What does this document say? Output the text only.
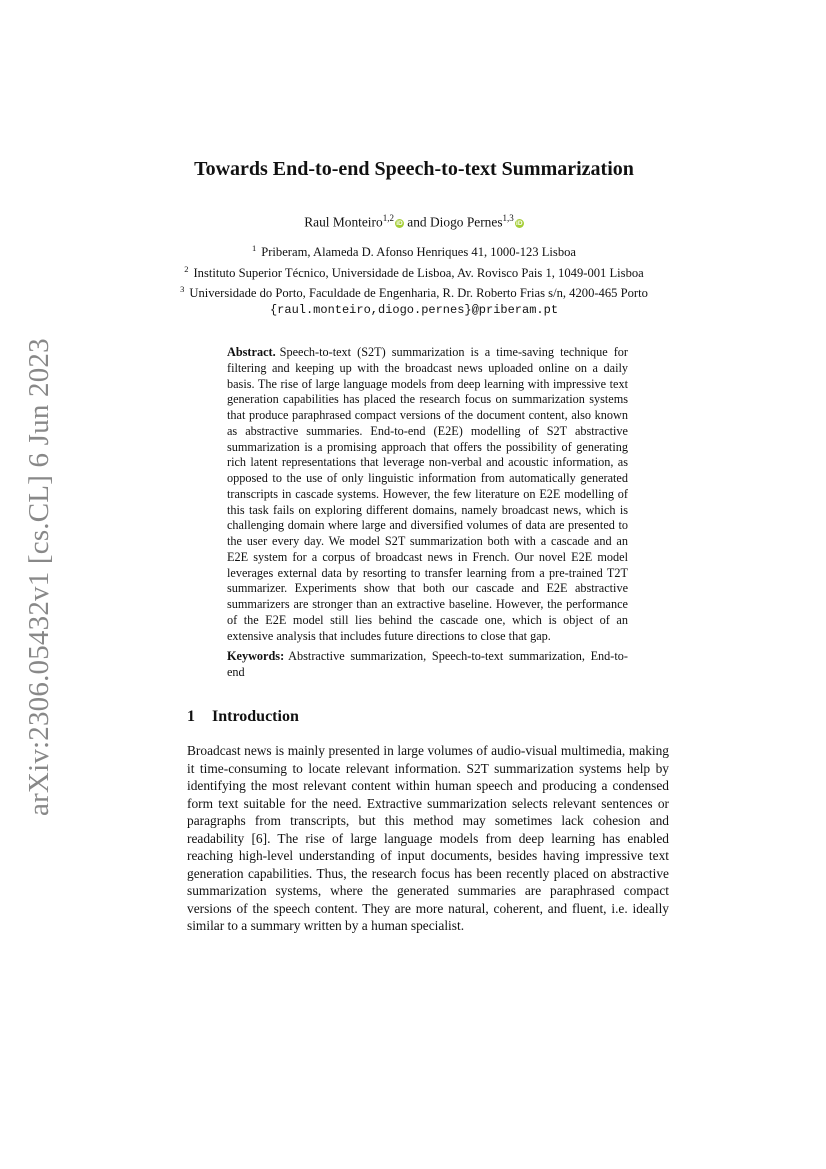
arXiv:2306.05432v1 [cs.CL] 6 Jun 2023
Towards End-to-end Speech-to-text Summarization
Raul Monteiro$^{1,2}$iD and Diogo Pernes$^{1,3}$iD
$^1$ Priberam, Alameda D. Afonso Henriques 41, 1000-123 Lisboa
$^2$ Instituto Superior Técnico, Universidade de Lisboa, Av. Rovisco Pais 1, 1049-001 Lisboa
$^3$ Universidade do Porto, Faculdade de Engenharia, R. Dr. Roberto Frias s/n, 4200-465 Porto
{raul.monteiro,diogo.pernes}@priberam.pt
Abstract. Speech-to-text (S2T) summarization is a time-saving technique for filtering and keeping up with the broadcast news uploaded online on a daily basis. The rise of large language models from deep learning with impressive text generation capabilities has placed the research focus on summarization systems that produce paraphrased compact versions of the document content, also known as abstractive summaries. End-to-end (E2E) modelling of S2T abstractive summarization is a promising approach that offers the possibility of generating rich latent representations that leverage non-verbal and acoustic information, as opposed to the use of only linguistic information from automatically generated transcripts in cascade systems. However, the few literature on E2E modelling of this task fails on exploring different domains, namely broadcast news, which is challenging domain where large and diversified volumes of data are presented to the user every day. We model S2T summarization both with a cascade and an E2E system for a corpus of broadcast news in French. Our novel E2E model leverages external data by resorting to transfer learning from a pre-trained T2T summarizer. Experiments show that both our cascade and E2E abstractive summarizers are stronger than an extractive baseline. However, the performance of the E2E model still lies behind the cascade one, which is object of an extensive analysis that includes future directions to close that gap.
Keywords: Abstractive summarization, Speech-to-text summarization, End-to-end
1 Introduction
Broadcast news is mainly presented in large volumes of audio-visual multimedia, making it time-consuming to locate relevant information. S2T summarization systems help by identifying the most relevant content within human speech and producing a condensed form text suitable for the need. Extractive summarization selects relevant sentences or paragraphs from transcripts, but this method may sometimes lack cohesion and readability [6]. The rise of large language models from deep learning has enabled reaching high-level understanding of input documents, besides having impressive text generation capabilities. Thus, the research focus has been recently placed on abstractive summarization systems, where the generated summaries are paraphrased compact versions of the speech content. They are more natural, coherent, and fluent, i.e. ideally similar to a summary written by a human specialist.
